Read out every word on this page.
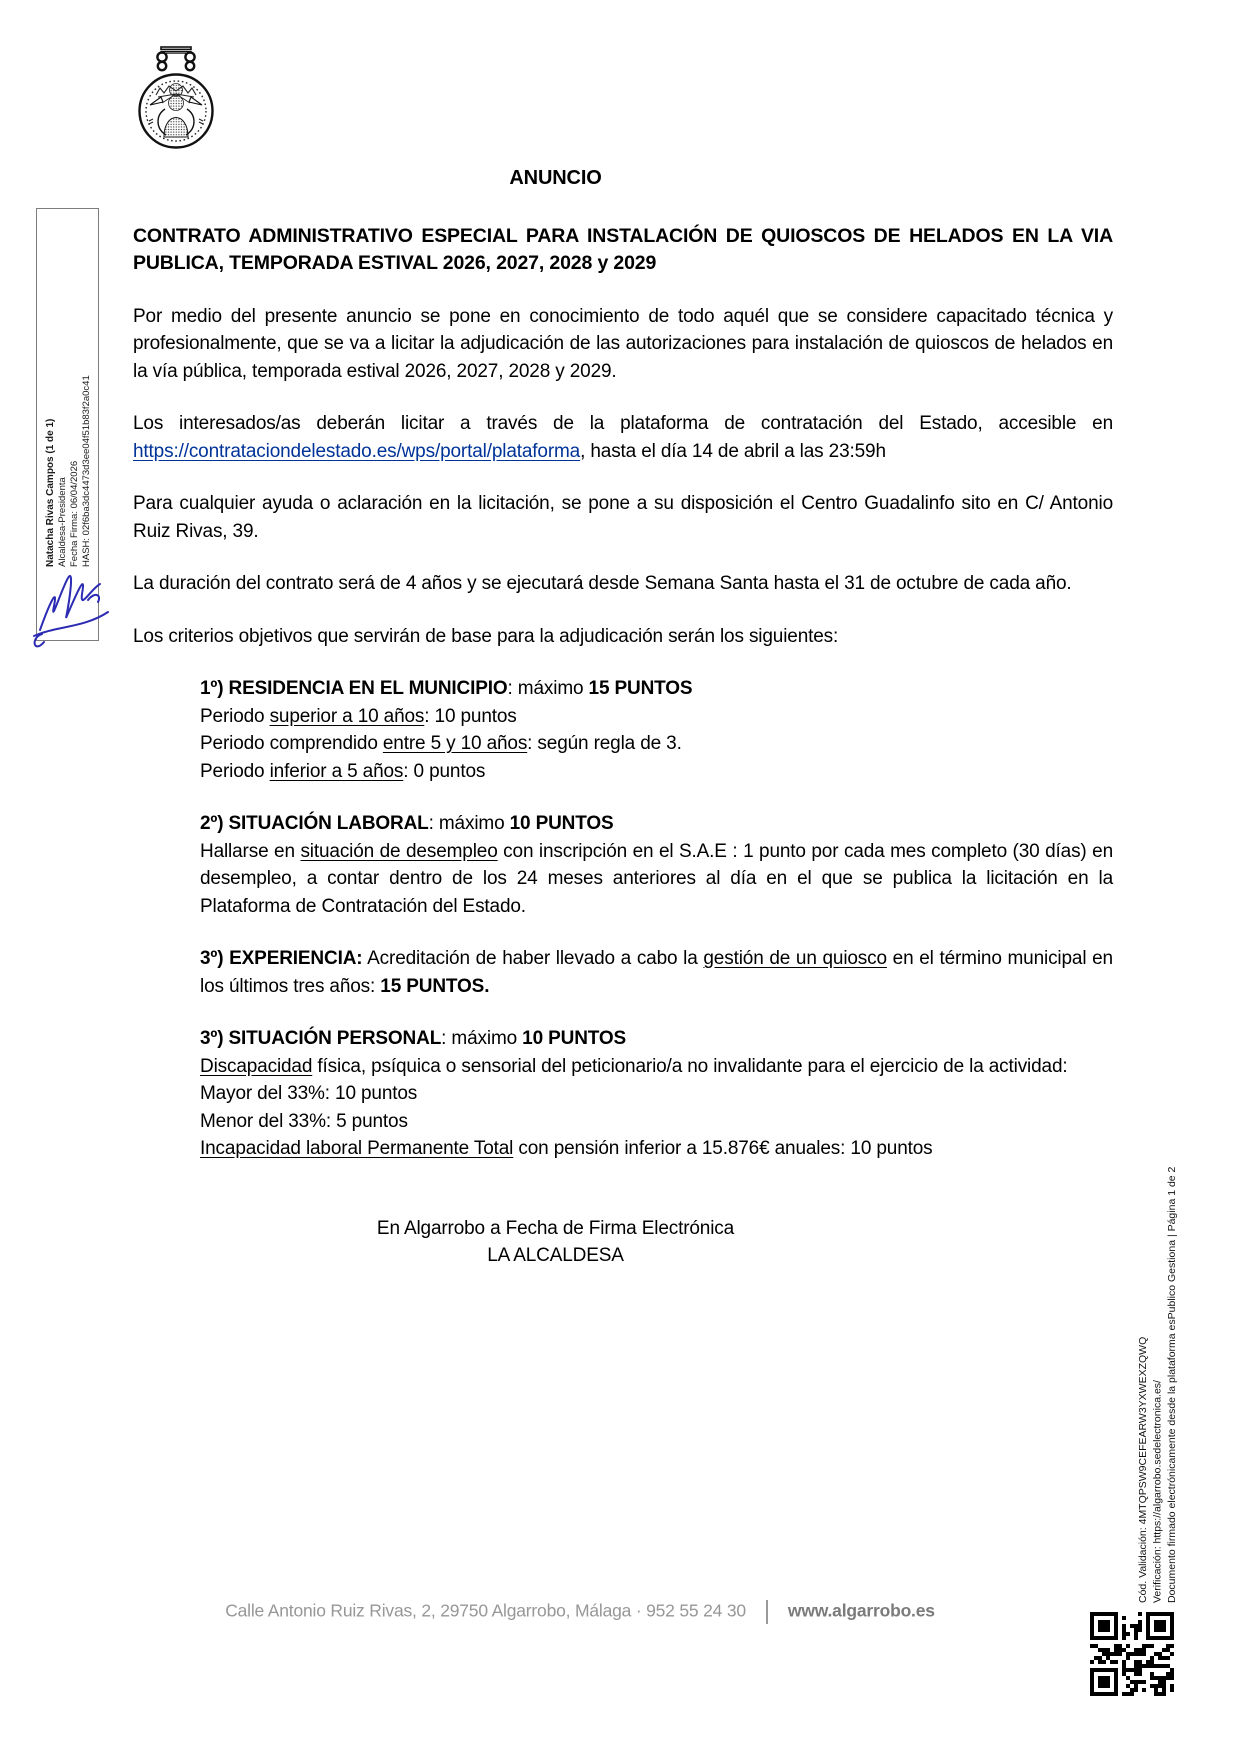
Natacha Rivas Campos (1 de 1) Alcaldesa-Presidenta Fecha Firma: 06/04/2026 HASH: 02f6ba3dc4473d3ee04f51b83f2a0c41
ANUNCIO
CONTRATO ADMINISTRATIVO ESPECIAL PARA INSTALACIÓN DE QUIOSCOS DE HELADOS EN LA VIA PUBLICA, TEMPORADA ESTIVAL 2026, 2027, 2028 y 2029

Por medio del presente anuncio se pone en conocimiento de todo aquél que se considere capacitado técnica y profesionalmente, que se va a licitar la adjudicación de las autorizaciones para instalación de quioscos de helados en la vía pública, temporada estival 2026, 2027, 2028 y 2029.

Los interesados/as deberán licitar a través de la plataforma de contratación del Estado, accesible en https://contrataciondelestado.es/wps/portal/plataforma, hasta el día 14 de abril a las 23:59h

Para cualquier ayuda o aclaración en la licitación, se pone a su disposición el Centro Guadalinfo sito en C/ Antonio Ruiz Rivas, 39.

La duración del contrato será de 4 años y se ejecutará desde Semana Santa hasta el 31 de octubre de cada año.

Los criterios objetivos que servirán de base para la adjudicación serán los siguientes:

1º) RESIDENCIA EN EL MUNICIPIO: máximo 15 PUNTOS

Periodo superior a 10 años: 10 puntos

Periodo comprendido entre 5 y 10 años: según regla de 3.

Periodo inferior a 5 años: 0 puntos

2º) SITUACIÓN LABORAL: máximo 10 PUNTOS

Hallarse en situación de desempleo con inscripción en el S.A.E : 1 punto por cada mes completo (30 días) en desempleo, a contar dentro de los 24 meses anteriores al día en el que se publica la licitación en la Plataforma de Contratación del Estado.

3º) EXPERIENCIA: Acreditación de haber llevado a cabo la gestión de un quiosco en el término municipal en los últimos tres años: 15 PUNTOS.

3º) SITUACIÓN PERSONAL: máximo 10 PUNTOS

Discapacidad física, psíquica o sensorial del peticionario/a no invalidante para el ejercicio de la actividad:

Mayor del 33%: 10 puntos

Menor del 33%: 5 puntos

Incapacidad laboral Permanente Total con pensión inferior a 15.876€ anuales: 10 puntos

En Algarrobo a Fecha de Firma Electrónica
LA ALCALDESA
Cód. Validación: 4MTQPSW9CEFEARW3YXWEXZQWQ Verificación: https://algarrobo.sedelectronica.es/ Documento firmado electrónicamente desde la plataforma esPublico Gestiona | Página 1 de 2
Calle Antonio Ruiz Rivas, 2, 29750 Algarrobo, Málaga · 952 55 24 30 www.algarrobo.es
